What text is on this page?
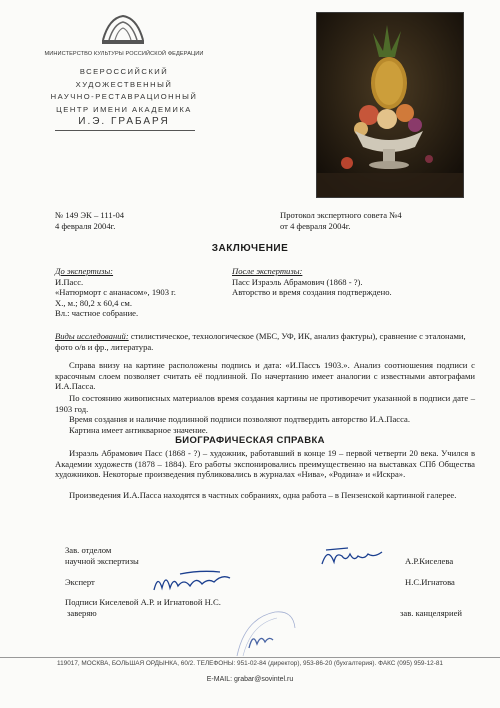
МИНИСТЕРСТВО КУЛЬТУРЫ РОССИЙСКОЙ ФЕДЕРАЦИИ
ВСЕРОССИЙСКИЙ ХУДОЖЕСТВЕННЫЙ
НАУЧНО-РЕСТАВРАЦИОННЫЙ
ЦЕНТР ИМЕНИ АКАДЕМИКА
И.Э. ГРАБАРЯ
№ 149 ЭК – 111-04
4 февраля 2004г.
Протокол экспертного совета №4
от 4 февраля 2004г.
ЗАКЛЮЧЕНИЕ
До экспертизы:
И.Пасс.
«Натюрморт с ананасом», 1903 г.
Х., м.; 80,2 х 60,4 см.
Вл.: частное собрание.
После экспертизы:
Пасс Израэль Абрамович (1868 - ?).
Авторство и время создания подтверждено.
Виды исследований: стилистическое, технологическое (МБС, УФ, ИК, анализ фактуры), сравнение с эталонами, фото о/в и фр., литература.
Справа внизу на картине расположены подпись и дата: «И.Пассъ 1903.». Анализ соотношения подписи с красочным слоем позволяет считать её подлинной. По начертанию имеет аналогии с известными автографами И.А.Пасса.
По состоянию живописных материалов время создания картины не противоречит указанной в подписи дате – 1903 год.
Время создания и наличие подлинной подписи позволяют подтвердить авторство И.А.Пасса.
Картина имеет антикварное значение.
БИОГРАФИЧЕСКАЯ СПРАВКА
Израэль Абрамович Пасс (1868 - ?) – художник, работавший в конце 19 – первой четверти 20 века. Учился в Академии художеств (1878 – 1884). Его работы экспонировались преимущественно на выставках СПб Общества художников. Некоторые произведения публиковались в журналах «Нива», «Родина» и «Искра».
Произведения И.А.Пасса находятся в частных собраниях, одна работа – в Пензенской картинной галерее.
Зав. отделом
научной экспертизы	А.Р.Киселева
Эксперт	Н.С.Игнатова
Подписи Киселевой А.Р. и Игнатовой Н.С.
заверяю	зав. канцелярией
119017, МОСКВА, БОЛЬШАЯ ОРДЫНКА, 60/2. ТЕЛЕФОНЫ: 951-02-84 (директор), 953-86-20 (бухгалтерия). ФАКС (095) 959-12-81
E-MAIL: grabar@sovintel.ru
